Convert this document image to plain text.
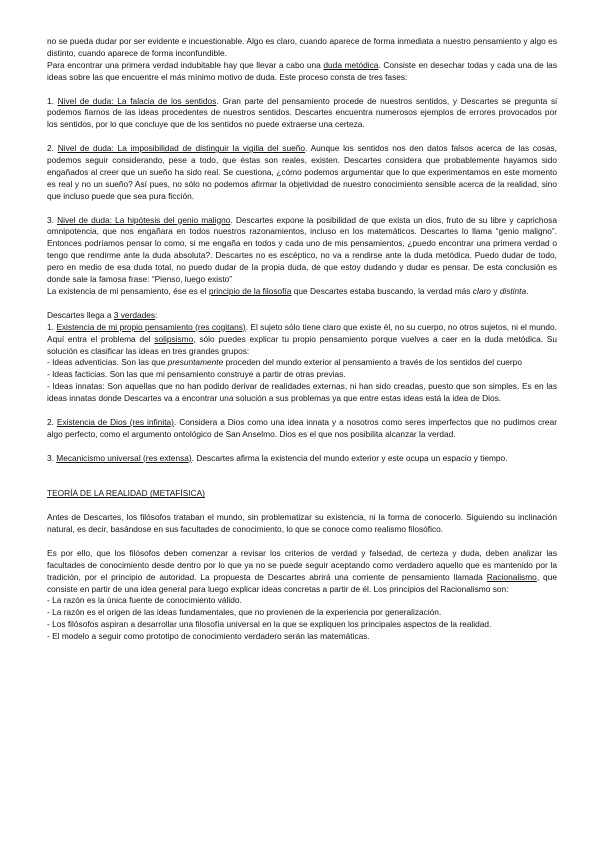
no se pueda dudar por ser evidente e incuestionable. Algo es claro, cuando aparece de forma inmediata a nuestro pensamiento y algo es distinto, cuando aparece de forma inconfundible.

Para encontrar una primera verdad indubitable hay que llevar a cabo una duda metódica. Consiste en desechar todas y cada una de las ideas sobre las que encuentre el más mínimo motivo de duda. Este proceso consta de tres fases:

1. Nivel de duda: La falacia de los sentidos. Gran parte del pensamiento procede de nuestros sentidos, y Descartes se pregunta si podemos fiarnos de las ideas procedentes de nuestros sentidos. Descartes encuentra numerosos ejemplos de errores provocados por los sentidos, por lo que concluye que de los sentidos no puede extraerse una certeza.

2. Nivel de duda: La imposibilidad de distinguir la vigilia del sueño. Aunque los sentidos nos den datos falsos acerca de las cosas, podemos seguir considerando, pese a todo, que éstas son reales, existen. Descartes considera que probablemente hayamos sido engañados al creer que un sueño ha sido real. Se cuestiona, ¿cómo podemos argumentar que lo que experimentamos en este momento es real y no un sueño? Así pues, no sólo no podemos afirmar la objetividad de nuestro conocimiento sensible acerca de la realidad, sino que incluso puede que sea pura ficción.

3. Nivel de duda: La hipótesis del genio maligno. Descartes expone la posibilidad de que exista un dios, fruto de su libre y caprichosa omnipotencia, que nos engañara en todos nuestros razonamientos, incluso en los matemáticos. Descartes lo llama “genio maligno”. Entonces podríamos pensar lo como, si me engaña en todos y cada uno de mis pensamientos, ¿puedo encontrar una primera verdad o tengo que rendirme ante la duda absoluta?. Descartes no es escéptico, no va a rendirse ante la duda metódica. Puedo dudar de todo, pero en medio de esa duda total, no puedo dudar de la propia duda, de que estoy dudando y dudar es pensar. De esta conclusión es donde sale la famosa frase: “Pienso, luego existo”

La existencia de mi pensamiento, ése es el principio de la filosofía que Descartes estaba buscando, la verdad más claro y distinta.

Descartes llega a 3 verdades:

1. Existencia de mi propio pensamiento (res cogitans). El sujeto sólo tiene claro que existe él, no su cuerpo, no otros sujetos, ni el mundo. Aquí entra el problema del solipsismo, sólo puedes explicar tu propio pensamiento porque vuelves a caer en la duda metódica. Su solución es clasificar las ideas en tres grandes grupos:

- Ideas adventicias. Son las que presuntamente proceden del mundo exterior al pensamiento a través de los sentidos del cuerpo

- Ideas facticias. Son las que mi pensamiento construye a partir de otras previas.

- Ideas innatas: Son aquellas que no han podido derivar de realidades externas, ni han sido creadas, puesto que son simples. Es en las ideas innatas donde Descartes va a encontrar una solución a sus problemas ya que entre estas ideas está la idea de Dios.

2. Existencia de Dios (res infinita). Considera a Dios como una idea innata y a nosotros como seres imperfectos que no pudimos crear algo perfecto, como el argumento ontológico de San Anselmo. Dios es el que nos posibilita alcanzar la verdad.

3. Mecanicismo universal (res extensa). Descartes afirma la existencia del mundo exterior y este ocupa un espacio y tiempo.

TEORÍA DE LA REALIDAD (METAFÍSICA)

Antes de Descartes, los filósofos trataban el mundo, sin problematizar su existencia, ni la forma de conocerlo. Siguiendo su inclinación natural, es decir, basándose en sus facultades de conocimiento, lo que se conoce como realismo filosófico.

Es por ello, que los filósofos deben comenzar a revisar los criterios de verdad y falsedad, de certeza y duda, deben analizar las facultades de conocimiento desde dentro por lo que ya no se puede seguir aceptando como verdadero aquello que es mantenido por la tradición, por el principio de autoridad. La propuesta de Descartes abrirá una corriente de pensamiento llamada Racionalismo, que consiste en partir de una idea general para luego explicar ideas concretas a partir de él. Los principios del Racionalismo son:

- La razón es la única fuente de conocimiento válido.

- La razón es el origen de las ideas fundamentales, que no provienen de la experiencia por generalización.

- Los filósofos aspiran a desarrollar una filosofía universal en la que se expliquen los principales aspectos de la realidad.

- El modelo a seguir como prototipo de conocimiento verdadero serán las matemáticas.
